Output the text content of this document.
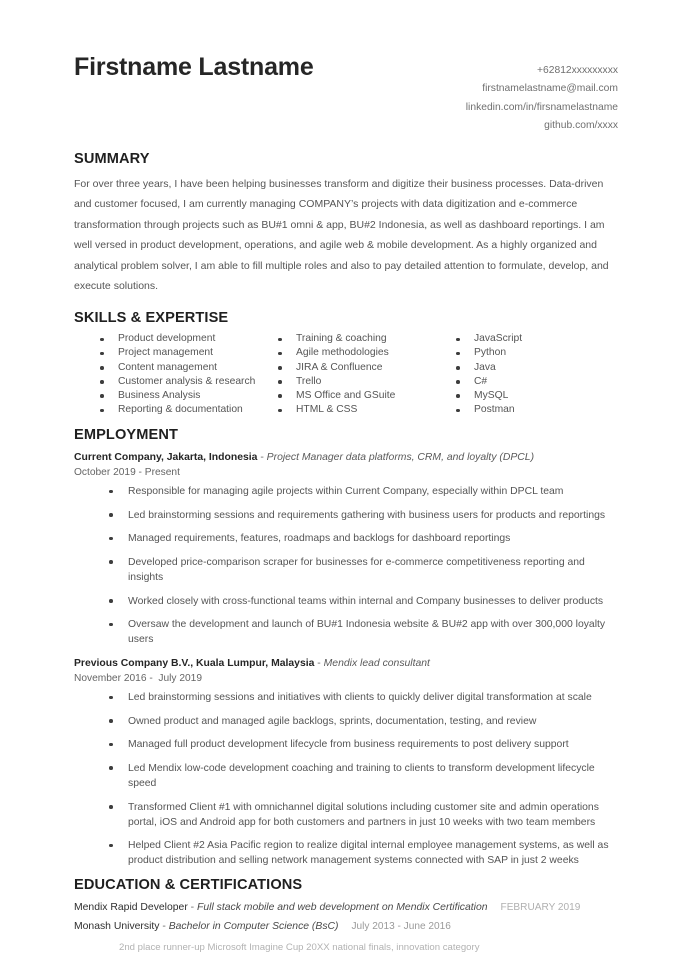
Firstname Lastname	+62812xxxxxxxxx
firstnamelastname@mail.com
linkedin.com/in/firsnamelastname
github.com/xxxx
SUMMARY

For over three years, I have been helping businesses transform and digitize their business processes. Data-driven and customer focused, I am currently managing COMPANY’s projects with data digitization and e-commerce transformation through projects such as BU#1 omni & app, BU#2 Indonesia, as well as dashboard reportings. I am well versed in product development, operations, and agile web & mobile development. As a highly organized and analytical problem solver, I am able to fill multiple roles and also to pay detailed attention to formulate, develop, and execute solutions.

SKILLS & EXPERTISE
Product development
Project management
Content management
Customer analysis & research
Business Analysis
Reporting & documentation
Training & coaching
Agile methodologies
JIRA & Confluence
Trello
MS Office and GSuite
HTML & CSS
JavaScript
Python
Java
C#
MySQL
Postman
EMPLOYMENT
Current Company, Jakarta, Indonesia - Project Manager data platforms, CRM, and loyalty (DPCL)
October 2019 - Present
Responsible for managing agile projects within Current Company, especially within DPCL team
Led brainstorming sessions and requirements gathering with business users for products and reportings
Managed requirements, features, roadmaps and backlogs for dashboard reportings
Developed price-comparison scraper for businesses for e-commerce competitiveness reporting and insights
Worked closely with cross-functional teams within internal and Company businesses to deliver products
Oversaw the development and launch of BU#1 Indonesia website & BU#2 app with over 300,000 loyalty users
Previous Company B.V., Kuala Lumpur, Malaysia - Mendix lead consultant
November 2016 -  July 2019
Led brainstorming sessions and initiatives with clients to quickly deliver digital transformation at scale
Owned product and managed agile backlogs, sprints, documentation, testing, and review
Managed full product development lifecycle from business requirements to post delivery support
Led Mendix low-code development coaching and training to clients to transform development lifecycle speed
Transformed Client #1 with omnichannel digital solutions including customer site and admin operations portal, iOS and Android app for both customers and partners in just 10 weeks with two team members
Helped Client #2 Asia Pacific region to realize digital internal employee management systems, as well as product distribution and selling network management systems connected with SAP in just 2 weeks
EDUCATION & CERTIFICATIONS
Mendix Rapid Developer - Full stack mobile and web development on Mendix Certification FEBRUARY 2019
Monash University - Bachelor in Computer Science (BsC) July 2013 - June 2016
2nd place runner-up Microsoft Imagine Cup 20XX national finals, innovation category
